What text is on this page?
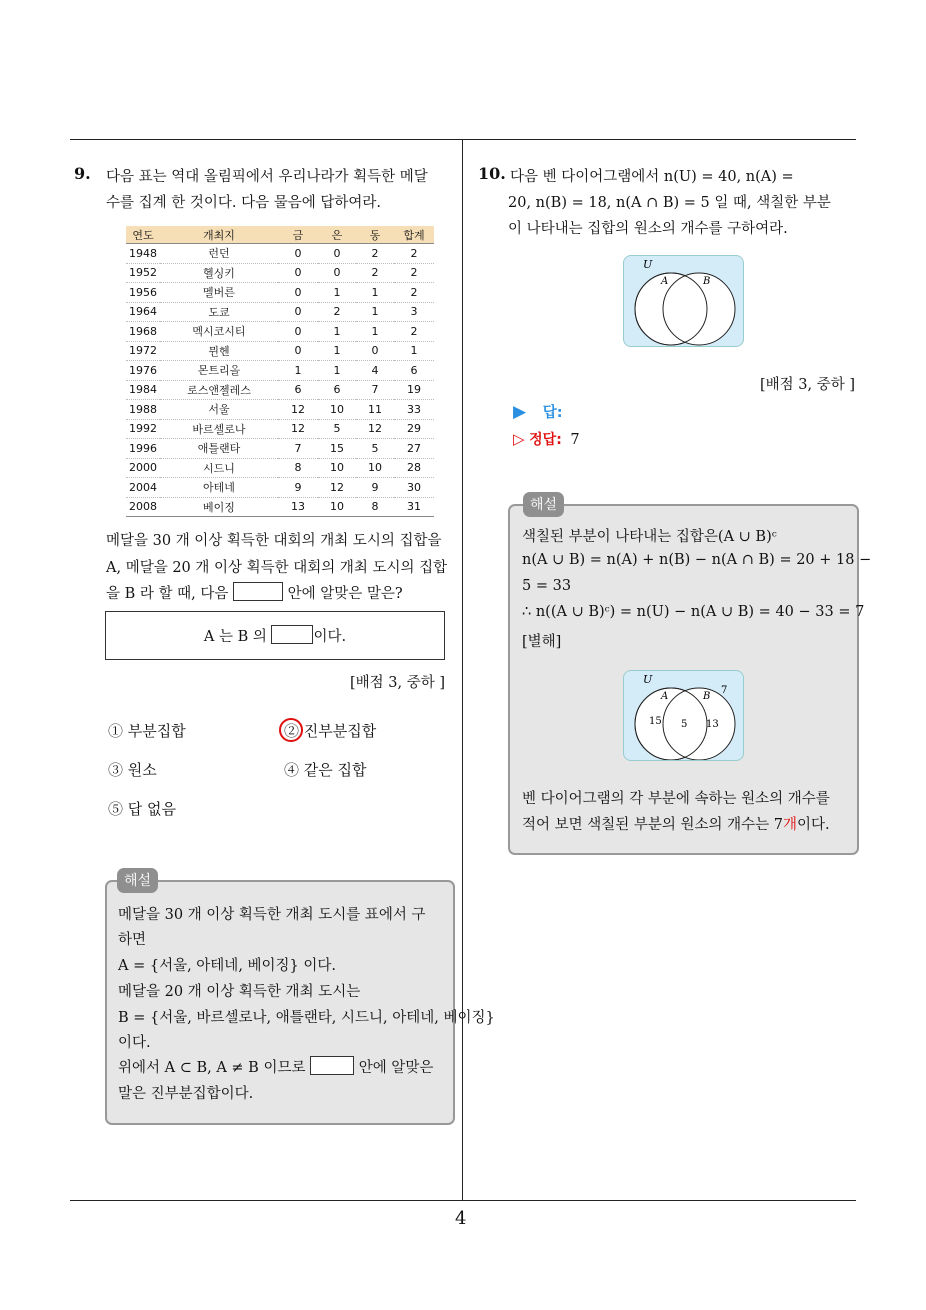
9. 다음 표는 역대 올림픽에서 우리나라가 획득한 메달
수를 집계 한 것이다. 다음 물음에 답하여라.
연도	개최지	금	은	동	합계
1948	런던	0	0	2	2
1952	헬싱키	0	0	2	2
1956	멜버른	0	1	1	2
1964	도쿄	0	2	1	3
1968	멕시코시티	0	1	1	2
1972	뮌헨	0	1	0	1
1976	몬트리올	1	1	4	6
1984	로스앤젤레스	6	6	7	19
1988	서울	12	10	11	33
1992	바르셀로나	12	5	12	29
1996	애틀랜타	7	15	5	27
2000	시드니	8	10	10	28
2004	아테네	9	12	9	30
2008	베이징	13	10	8	31
메달을 30 개 이상 획득한 대회의 개최 도시의 집합을
A, 메달을 20 개 이상 획득한 대회의 개최 도시의 집합
을 B 라 할 때, 다음	안에 알맞은 말은?
A 는 B 의	이다.
[배점 3, 중하 ]
① 부분집합	② 진부분집합
③ 원소	④ 같은 집합
⑤ 답 없음
해설
메달을 30 개 이상 획득한 개최 도시를 표에서 구
하면
A = {서울, 아테네, 베이징} 이다.
메달을 20 개 이상 획득한 개최 도시는
B = {서울, 바르셀로나, 애틀랜타, 시드니, 아테네, 베이징}
이다.
위에서 A ⊂ B, A ≠ B 이므로	안에 알맞은
말은 진부분집합이다.
10. 다음 벤 다이어그램에서 n(U) = 40, n(A) =
20, n(B) = 18, n(A ∩ B) = 5 일 때, 색칠한 부분
이 나타내는 집합의 원소의 개수를 구하여라.
U
A	B
[배점 3, 중하 ]
▶ 답:
▷ 정답: 7
해설
색칠된 부분이 나타내는 집합은(A ∪ B)ᶜ
n(A ∪ B) = n(A) + n(B) − n(A ∩ B) = 20 + 18 −
5 = 33
∴ n((A ∪ B)ᶜ) = n(U) − n(A ∪ B) = 40 − 33 = 7
[별해]
U
A	B
7
15 5 13
벤 다이어그램의 각 부분에 속하는 원소의 개수를
적어 보면 색칠된 부분의 원소의 개수는 7개이다.
4
